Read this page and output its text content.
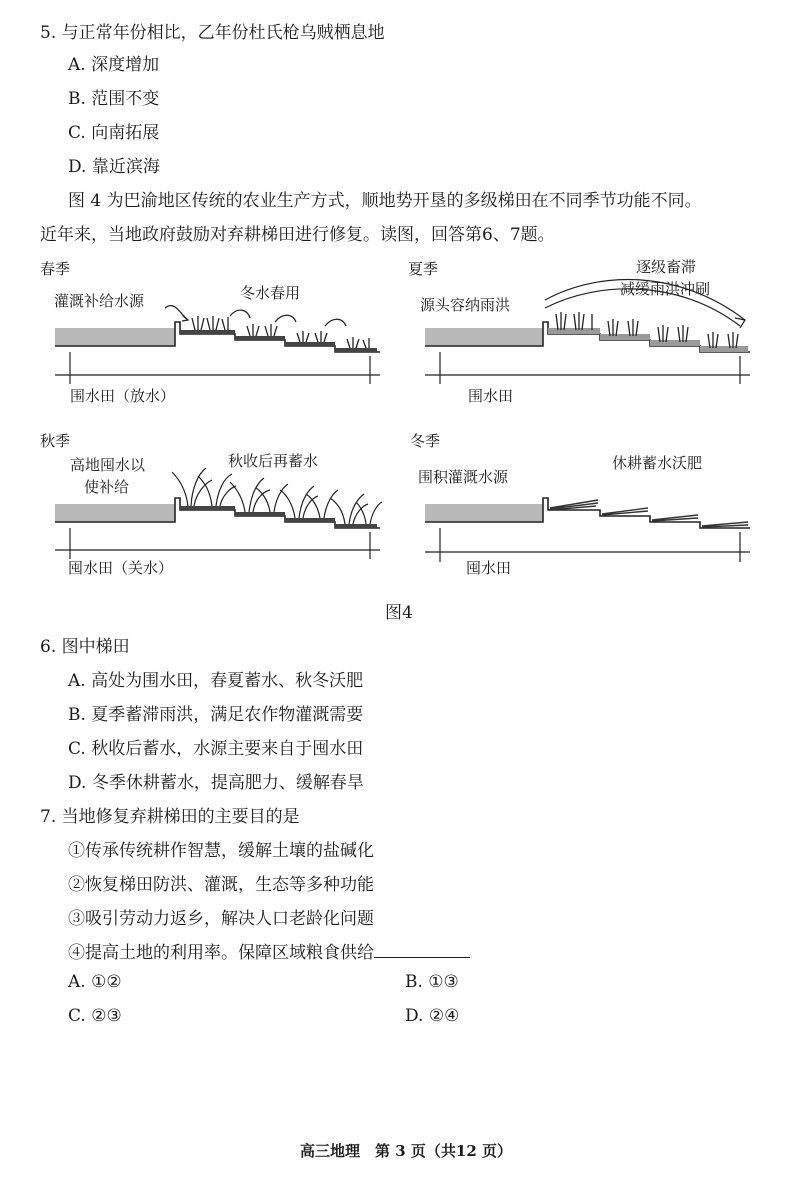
5. 与正常年份相比，乙年份杜氏枪乌贼栖息地
A. 深度增加
B. 范围不变
C. 向南拓展
D. 靠近滨海
图 4 为巴渝地区传统的农业生产方式，顺地势开垦的多级梯田在不同季节功能不同。
近年来，当地政府鼓励对弃耕梯田进行修复。读图，回答第6、7题。
春季
灌溉补给水源	冬水春用
围水田（放水）
夏季	逐级畜滞
减缓雨洪冲刷
源头容纳雨洪
围水田
秋季
高地囤水以
使补给
秋收后再蓄水
囤水田（关水）
冬季
休耕蓄水沃肥
围积灌溉水源
囤水田
图4
6. 图中梯田
A. 高处为围水田，春夏蓄水、秋冬沃肥
B. 夏季蓄滞雨洪，满足农作物灌溉需要
C. 秋收后蓄水，水源主要来自于囤水田
D. 冬季休耕蓄水，提高肥力、缓解春旱
7. 当地修复弃耕梯田的主要目的是
①传承传统耕作智慧，缓解土壤的盐碱化
②恢复梯田防洪、灌溉，生态等多种功能
③吸引劳动力返乡，解决人口老龄化问题
④提高土地的利用率。保障区域粮食供给
A. ①②	B. ①③
C. ②③	D. ②④
高三地理　第 3 页（共12 页）
